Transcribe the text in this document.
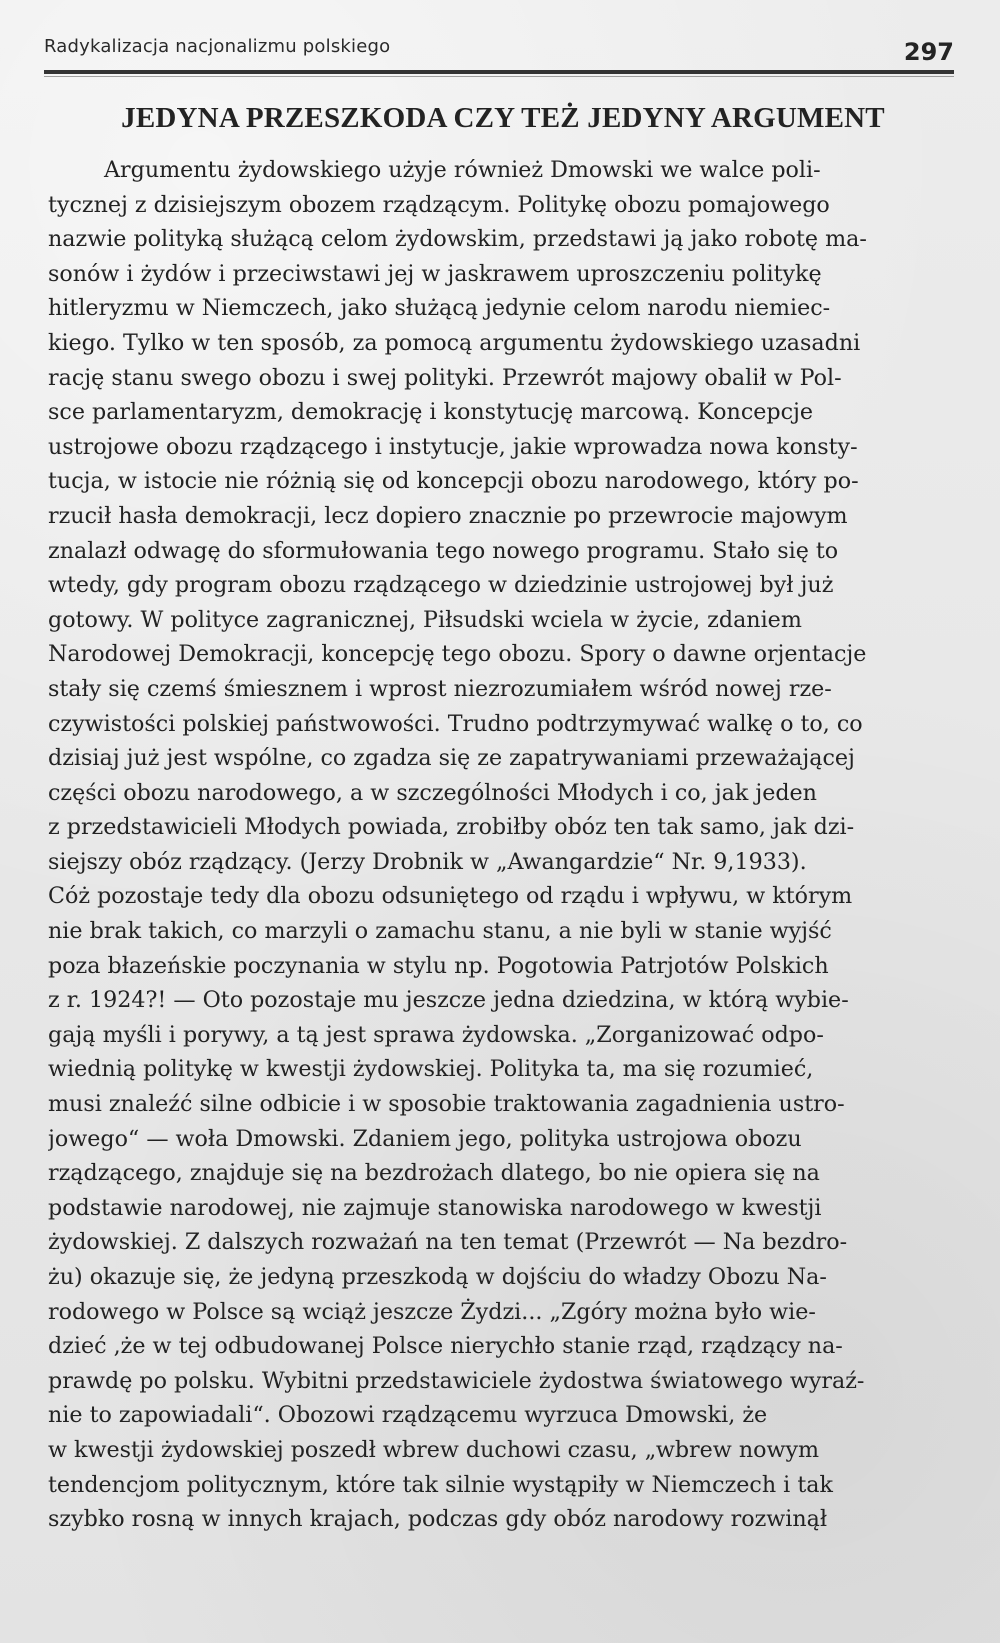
Radykalizacja nacjonalizmu polskiego	297
JEDYNA PRZESZKODA CZY TEŻ JEDYNY ARGUMENT

Argumentu żydowskiego użyje również Dmowski we walce poli-
tycznej z dzisiejszym obozem rządzącym. Politykę obozu pomajowego
nazwie polityką służącą celom żydowskim, przedstawi ją jako robotę ma-
sonów i żydów i przeciwstawi jej w jaskrawem uproszczeniu politykę
hitleryzmu w Niemczech, jako służącą jedynie celom narodu niemiec-
kiego. Tylko w ten sposób, za pomocą argumentu żydowskiego uzasadni
rację stanu swego obozu i swej polityki. Przewrót majowy obalił w Pol-
sce parlamentaryzm, demokrację i konstytucję marcową. Koncepcje
ustrojowe obozu rządzącego i instytucje, jakie wprowadza nowa konsty-
tucja, w istocie nie różnią się od koncepcji obozu narodowego, który po-
rzucił hasła demokracji, lecz dopiero znacznie po przewrocie majowym
znalazł odwagę do sformułowania tego nowego programu. Stało się to
wtedy, gdy program obozu rządzącego w dziedzinie ustrojowej był już
gotowy. W polityce zagranicznej, Piłsudski wciela w życie, zdaniem
Narodowej Demokracji, koncepcję tego obozu. Spory o dawne orjentacje
stały się czemś śmiesznem i wprost niezrozumiałem wśród nowej rze-
czywistości polskiej państwowości. Trudno podtrzymywać walkę o to, co
dzisiaj już jest wspólne, co zgadza się ze zapatrywaniami przeważającej
części obozu narodowego, a w szczególności Młodych i co, jak jeden
z przedstawicieli Młodych powiada, zrobiłby obóz ten tak samo, jak dzi-
siejszy obóz rządzący. (Jerzy Drobnik w „Awangardzie“ Nr. 9,1933).
Cóż pozostaje tedy dla obozu odsuniętego od rządu i wpływu, w którym
nie brak takich, co marzyli o zamachu stanu, a nie byli w stanie wyjść
poza błazeńskie poczynania w stylu np. Pogotowia Patrjotów Polskich
z r. 1924?! — Oto pozostaje mu jeszcze jedna dziedzina, w którą wybie-
gają myśli i porywy, a tą jest sprawa żydowska. „Zorganizować odpo-
wiednią politykę w kwestji żydowskiej. Polityka ta, ma się rozumieć,
musi znaleźć silne odbicie i w sposobie traktowania zagadnienia ustro-
jowego“ — woła Dmowski. Zdaniem jego, polityka ustrojowa obozu
rządzącego, znajduje się na bezdrożach dlatego, bo nie opiera się na
podstawie narodowej, nie zajmuje stanowiska narodowego w kwestji
żydowskiej. Z dalszych rozważań na ten temat (Przewrót — Na bezdro-
żu) okazuje się, że jedyną przeszkodą w dojściu do władzy Obozu Na-
rodowego w Polsce są wciąż jeszcze Żydzi... „Zgóry można było wie-
dzieć ,że w tej odbudowanej Polsce nierychło stanie rząd, rządzący na-
prawdę po polsku. Wybitni przedstawiciele żydostwa światowego wyraź-
nie to zapowiadali“. Obozowi rządzącemu wyrzuca Dmowski, że
w kwestji żydowskiej poszedł wbrew duchowi czasu, „wbrew nowym
tendencjom politycznym, które tak silnie wystąpiły w Niemczech i tak
szybko rosną w innych krajach, podczas gdy obóz narodowy rozwinął
